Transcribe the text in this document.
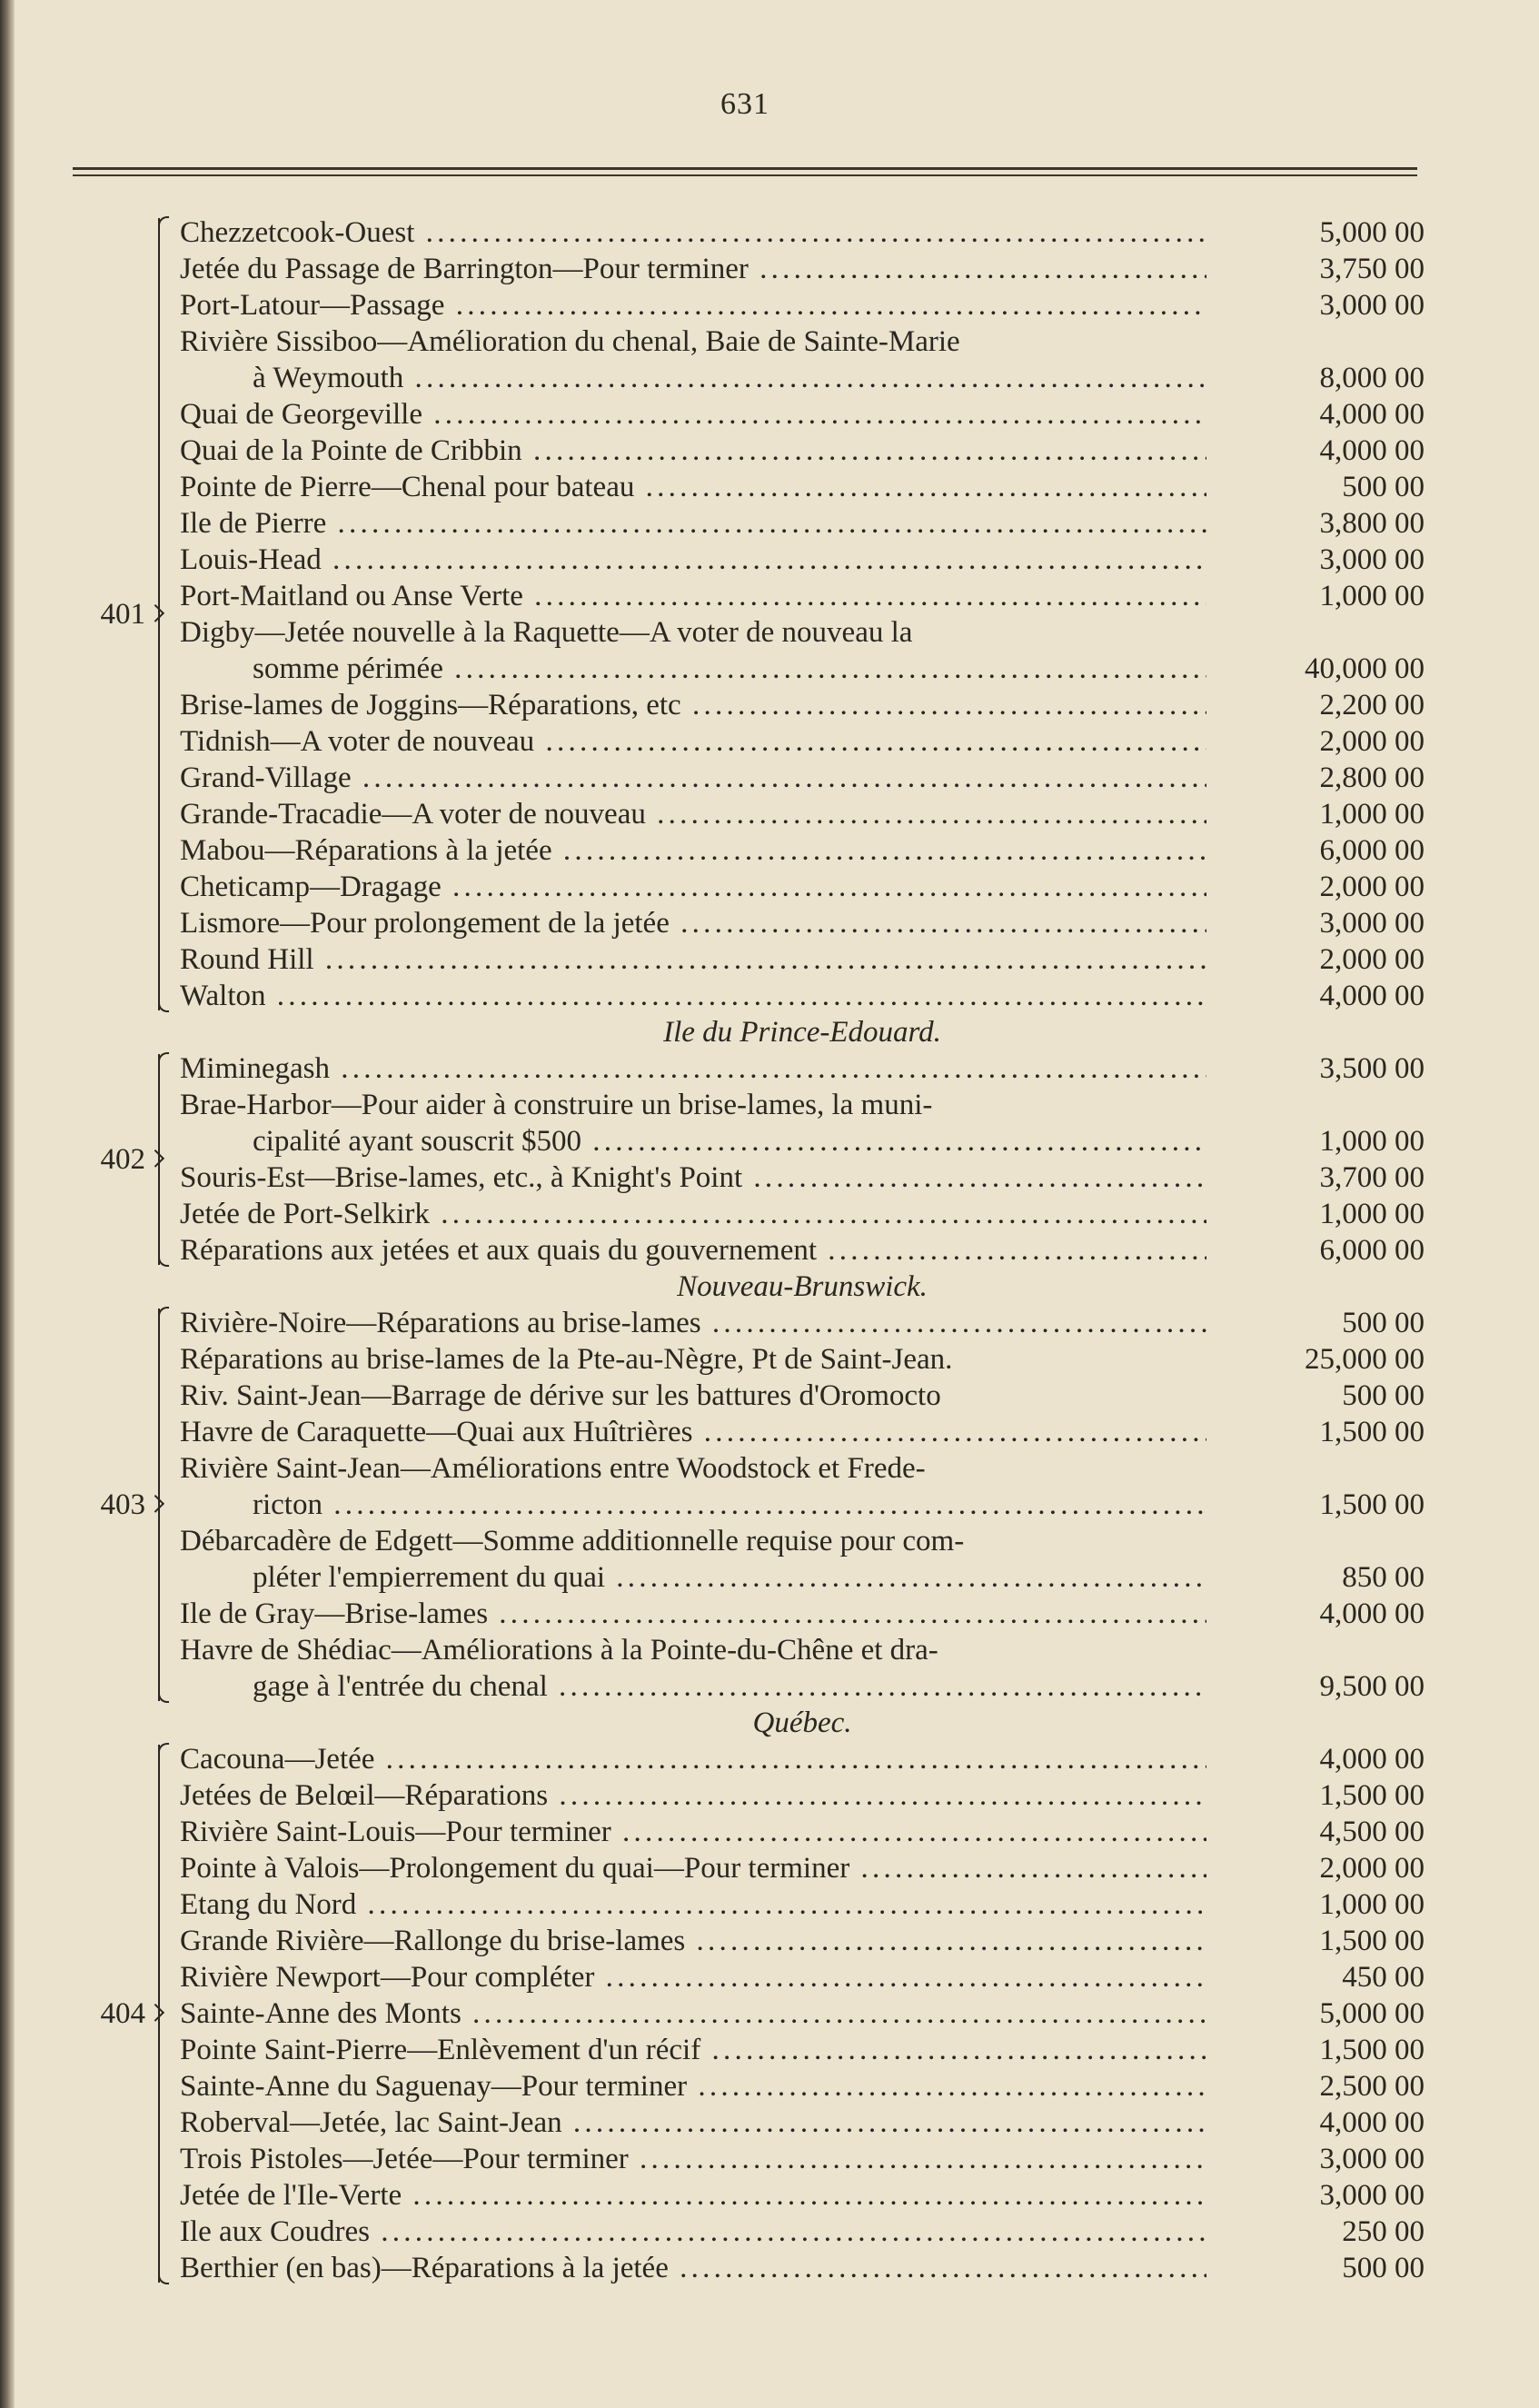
631
Chezzetcook-Ouest . . .	5,000 00
Jetée du Passage de Barrington—Pour terminer . . .	3,750 00
Port-Latour—Passage . . .	3,000 00
Rivière Sissiboo—Amélioration du chenal, Baie de Sainte-Marie
à Weymouth . . .	8,000 00
Quai de Georgeville . . .	4,000 00
Quai de la Pointe de Cribbin . . .	4,000 00
Pointe de Pierre—Chenal pour bateau . . .	500 00
Ile de Pierre . . .	3,800 00
Louis-Head . . .	3,000 00
Port-Maitland ou Anse Verte . . .	1,000 00
Digby—Jetée nouvelle à la Raquette—A voter de nouveau la
somme périmée . . .	40,000 00
Brise-lames de Joggins—Réparations, etc . . .	2,200 00
Tidnish—A voter de nouveau . . .	2,000 00
Grand-Village . . .	2,800 00
Grande-Tracadie—A voter de nouveau . . .	1,000 00
Mabou—Réparations à la jetée . . .	6,000 00
Cheticamp—Dragage . . .	2,000 00
Lismore—Pour prolongement de la jetée . . .	3,000 00
Round Hill . . .	2,000 00
Walton . . .	4,000 00
401
Ile du Prince-Edouard.
Miminegash . . .	3,500 00
Brae-Harbor—Pour aider à construire un brise-lames, la muni-
cipalité ayant souscrit $500 . . .	1,000 00
Souris-Est—Brise-lames, etc., à Knight's Point . . .	3,700 00
Jetée de Port-Selkirk . . .	1,000 00
Réparations aux jetées et aux quais du gouvernement . . .	6,000 00
402
Nouveau-Brunswick.
Rivière-Noire—Réparations au brise-lames . . .	500 00
Réparations au brise-lames de la Pte-au-Nègre, Pt de Saint-Jean.	25,000 00
Riv. Saint-Jean—Barrage de dérive sur les battures d'Oromocto	500 00
Havre de Caraquette—Quai aux Huîtrières . . .	1,500 00
Rivière Saint-Jean—Améliorations entre Woodstock et Frede-
ricton . . .	1,500 00
Débarcadère de Edgett—Somme additionnelle requise pour com-
pléter l'empierrement du quai . . .	850 00
Ile de Gray—Brise-lames . . .	4,000 00
Havre de Shédiac—Améliorations à la Pointe-du-Chêne et dra-
gage à l'entrée du chenal . . .	9,500 00
403
Québec.
Cacouna—Jetée . . .	4,000 00
Jetées de Belœil—Réparations . . .	1,500 00
Rivière Saint-Louis—Pour terminer . . .	4,500 00
Pointe à Valois—Prolongement du quai—Pour terminer . . .	2,000 00
Etang du Nord . . .	1,000 00
Grande Rivière—Rallonge du brise-lames . . .	1,500 00
Rivière Newport—Pour compléter . . .	450 00
Sainte-Anne des Monts . . .	5,000 00
Pointe Saint-Pierre—Enlèvement d'un récif . . .	1,500 00
Sainte-Anne du Saguenay—Pour terminer . . .	2,500 00
Roberval—Jetée, lac Saint-Jean . . .	4,000 00
Trois Pistoles—Jetée—Pour terminer . . .	3,000 00
Jetée de l'Ile-Verte . . .	3,000 00
Ile aux Coudres . . .	250 00
Berthier (en bas)—Réparations à la jetée . . .	500 00
404
